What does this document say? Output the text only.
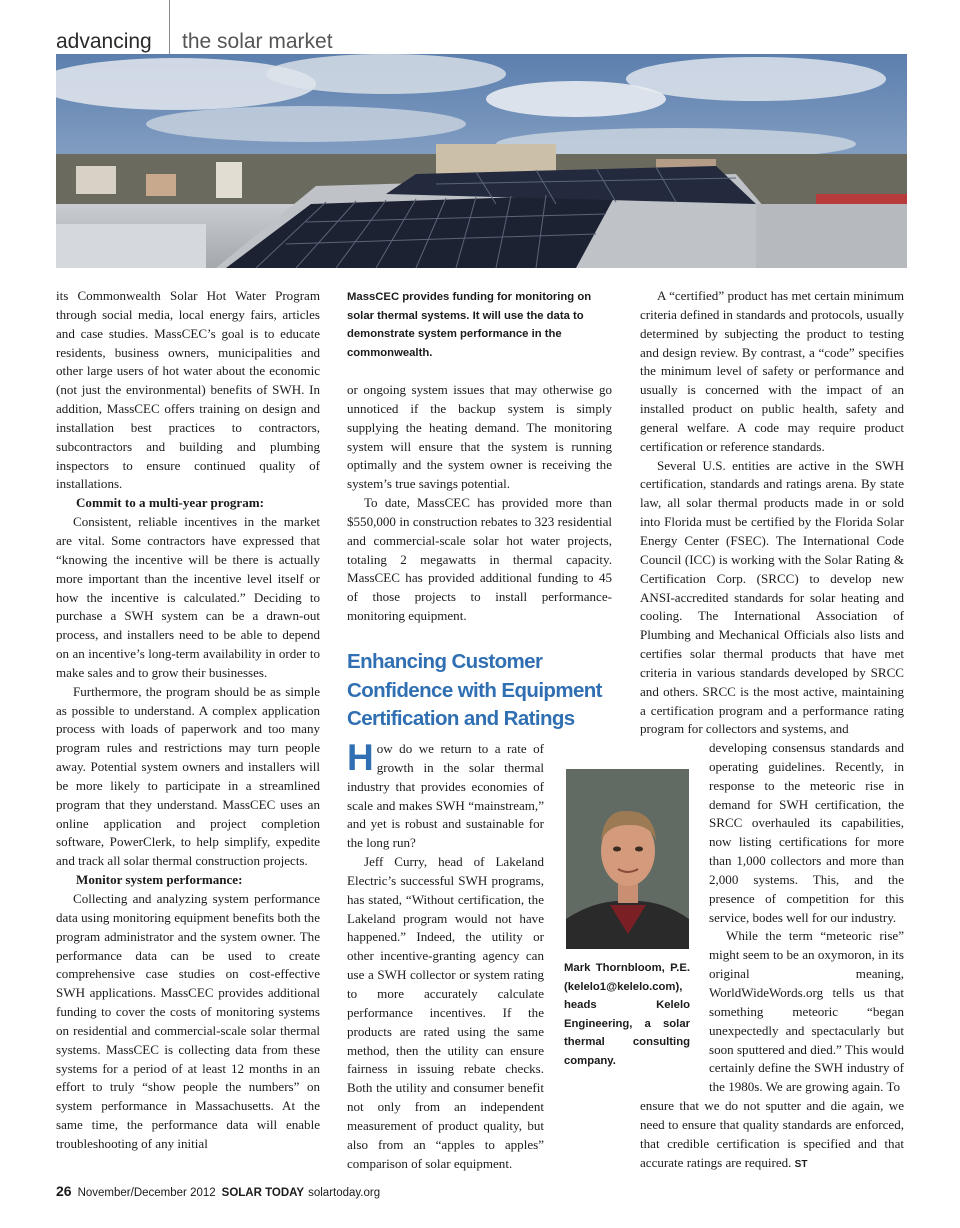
advancing the solar market

its Commonwealth Solar Hot Water Program through social media, local energy fairs, articles and case studies. MassCEC’s goal is to educate residents, business owners, municipalities and other large users of hot water about the economic (not just the environmental) benefits of SWH. In addition, MassCEC offers training on design and installation best practices to contractors, subcontractors and building and plumbing inspectors to ensure continued quality of installations.

Commit to a multi-year program:

Consistent, reliable incentives in the market are vital. Some contractors have expressed that “knowing the incentive will be there is actually more important than the incentive level itself or how the incentive is calculated.” Deciding to purchase a SWH system can be a drawn-out process, and installers need to be able to depend on an incentive’s long-term availability in order to make sales and to grow their businesses.

Furthermore, the program should be as simple as possible to understand. A complex application process with loads of paperwork and too many program rules and restrictions may turn people away. Potential system owners and installers will be more likely to participate in a streamlined program that they understand. MassCEC uses an online application and project completion software, PowerClerk, to help simplify, expedite and track all solar thermal construction projects.

Monitor system performance:

Collecting and analyzing system performance data using monitoring equipment benefits both the program administrator and the system owner. The performance data can be used to create comprehensive case studies on cost-effective SWH applications. MassCEC provides additional funding to cover the costs of monitoring systems on residential and commercial-scale solar thermal systems. MassCEC is collecting data from these systems for a period of at least 12 months in an effort to truly “show people the numbers” on system performance in Massachusetts. At the same time, the performance data will enable troubleshooting of any initial

MassCEC provides funding for monitoring on solar thermal systems. It will use the data to demonstrate system performance in the commonwealth.

or ongoing system issues that may otherwise go unnoticed if the backup system is simply supplying the heating demand. The monitoring system will ensure that the system is running optimally and the system owner is receiving the system’s true savings potential.

To date, MassCEC has provided more than $550,000 in construction rebates to 323 residential and commercial-scale solar hot water projects, totaling 2 megawatts in thermal capacity. MassCEC has provided additional funding to 45 of those projects to install performance-monitoring equipment.

Enhancing Customer Confidence with Equipment Certification and Ratings
Mark Thornbloom, P.E. (kelelo1@kelelo.com), heads Kelelo Engineering, a solar thermal consulting company.
H ow do we return to a rate of growth in the solar thermal industry that provides economies of scale and makes SWH “mainstream,” and yet is robust and sustainable for the long run?

Jeff Curry, head of Lakeland Electric’s successful SWH programs, has stated, “Without certification, the Lakeland program would not have happened.” Indeed, the utility or other incentive-granting agency can use a SWH collector or system rating to more accurately calculate performance incentives. If the products are rated using the same method, then the utility can ensure fairness in issuing rebate checks. Both the utility and consumer benefit not only from an independent measurement of product quality, but also from an “apples to apples” comparison of solar equipment.

A “certified” product has met certain minimum criteria defined in standards and protocols, usually determined by subjecting the product to testing and design review. By contrast, a “code” specifies the minimum level of safety or performance and usually is concerned with the impact of an installed product on public health, safety and general welfare. A code may require product certification or reference standards.

Several U.S. entities are active in the SWH certification, standards and ratings arena. By state law, all solar thermal products made in or sold into Florida must be certified by the Florida Solar Energy Center (FSEC). The International Code Council (ICC) is working with the Solar Rating & Certification Corp. (SRCC) to develop new ANSI-accredited standards for solar heating and cooling. The International Association of Plumbing and Mechanical Officials also lists and certifies solar thermal products that have met criteria in various standards developed by SRCC and others. SRCC is the most active, maintaining a certification program and a performance rating program for collectors and systems, and

developing consensus standards and operating guidelines. Recently, in response to the meteoric rise in demand for SWH certification, the SRCC overhauled its capabilities, now listing certifications for more than 1,000 collectors and more than 2,000 systems. This, and the presence of competition for this service, bodes well for our industry.

While the term “meteoric rise” might seem to be an oxymoron, in its original meaning, WorldWideWords.org tells us that something meteoric “began unexpectedly and spectacularly but soon sputtered and died.” This would certainly define the SWH industry of the 1980s. We are growing again. To

ensure that we do not sputter and die again, we need to ensure that quality standards are enforced, that credible certification is specified and that accurate ratings are required. ST

26 November/December 2012 SOLAR TODAY solartoday.org
